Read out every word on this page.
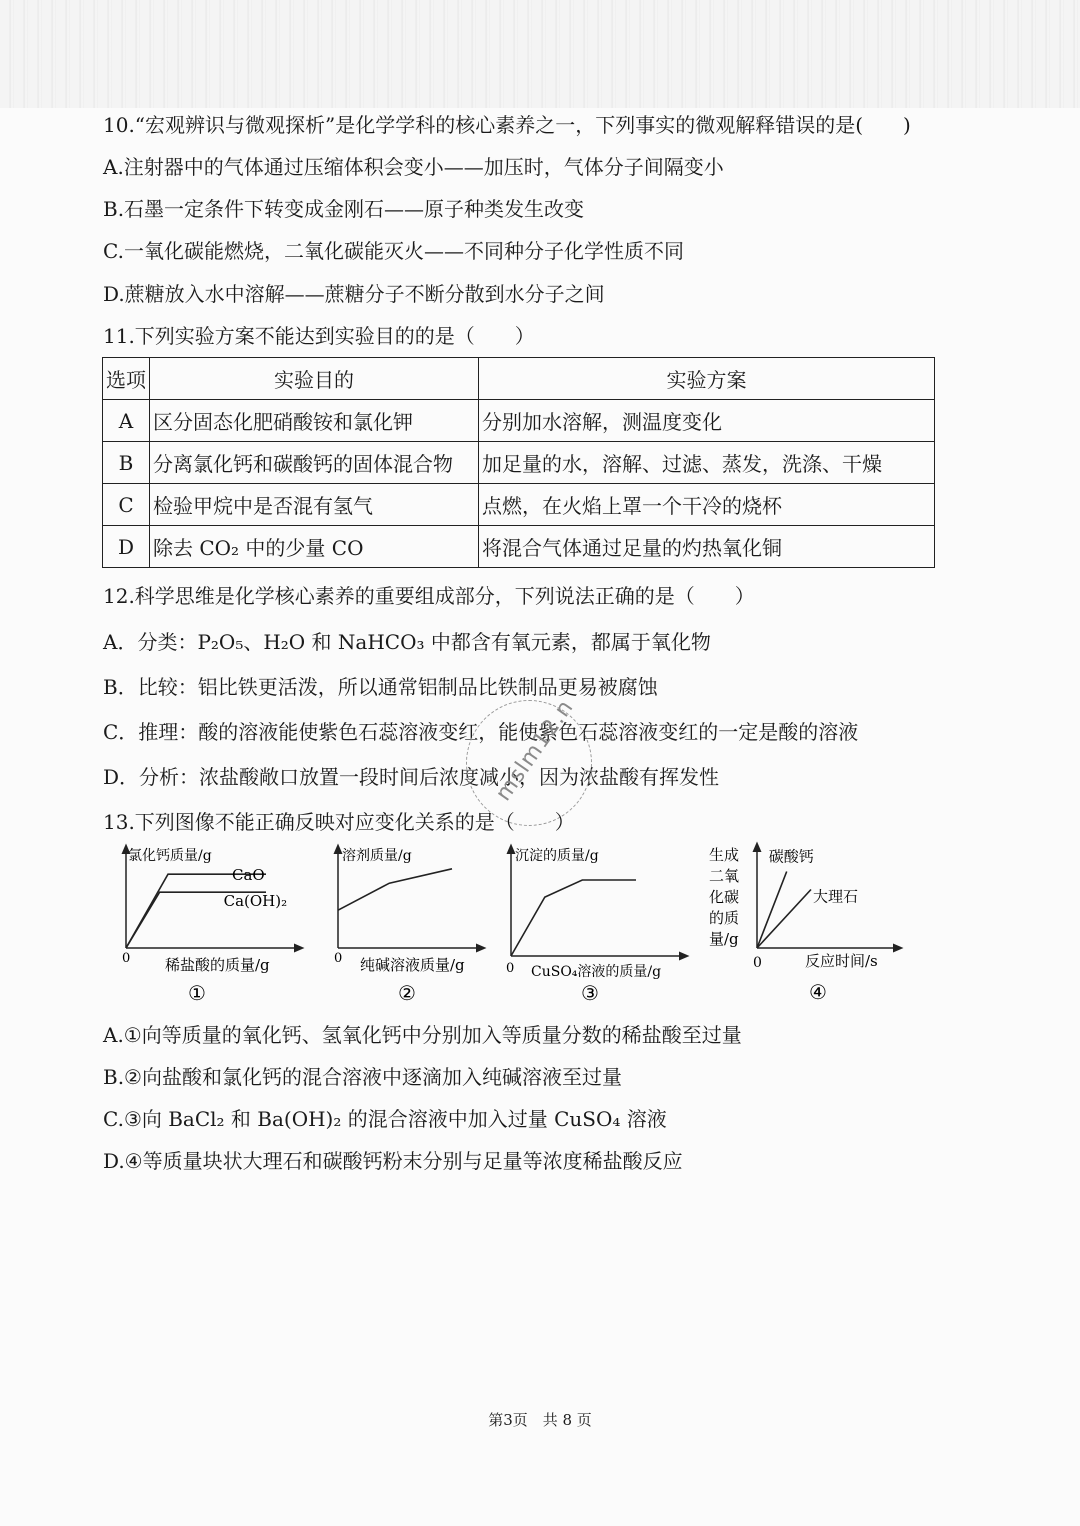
10.“宏观辨识与微观探析”是化学学科的核心素养之一，下列事实的微观解释错误的是(　　)
A.注射器中的气体通过压缩体积会变小——加压时，气体分子间隔变小
B.石墨一定条件下转变成金刚石——原子种类发生改变
C.一氧化碳能燃烧，二氧化碳能灭火——不同种分子化学性质不同
D.蔗糖放入水中溶解——蔗糖分子不断分散到水分子之间
11.下列实验方案不能达到实验目的的是（　　）
选项	实验目的	实验方案
A	区分固态化肥硝酸铵和氯化钾	分别加水溶解，测温度变化
B	分离氯化钙和碳酸钙的固体混合物	加足量的水，溶解、过滤、蒸发，洗涤、干燥
C	检验甲烷中是否混有氢气	点燃，在火焰上罩一个干冷的烧杯
D	除去 CO₂ 中的少量 CO	将混合气体通过足量的灼热氧化铜
12.科学思维是化学核心素养的重要组成部分，下列说法正确的是（　　）
A．分类：P₂O₅、H₂O 和 NaHCO₃ 中都含有氧元素，都属于氧化物
B．比较：铝比铁更活泼，所以通常铝制品比铁制品更易被腐蚀
C．推理：酸的溶液能使紫色石蕊溶液变红，能使紫色石蕊溶液变红的一定是酸的溶液
D．分析：浓盐酸敞口放置一段时间后浓度减小，因为浓盐酸有挥发性
mslm12.n
13.下列图像不能正确反映对应变化关系的是（　　）
CaO
Ca(OH)₂
氯化钙质量/g
0 稀盐酸的质量/g
①
溶剂质量/g
0 纯碱溶液质量/g
②
沉淀的质量/g
0 CuSO₄溶液的质量/g
③
碳酸钙
大理石
生成
二氧
化碳
的质
量/g
0	反应时间/s
④
A.①向等质量的氧化钙、氢氧化钙中分别加入等质量分数的稀盐酸至过量
B.②向盐酸和氯化钙的混合溶液中逐滴加入纯碱溶液至过量
C.③向 BaCl₂ 和 Ba(OH)₂ 的混合溶液中加入过量 CuSO₄ 溶液
D.④等质量块状大理石和碳酸钙粉末分别与足量等浓度稀盐酸反应
第3页　共 8 页
